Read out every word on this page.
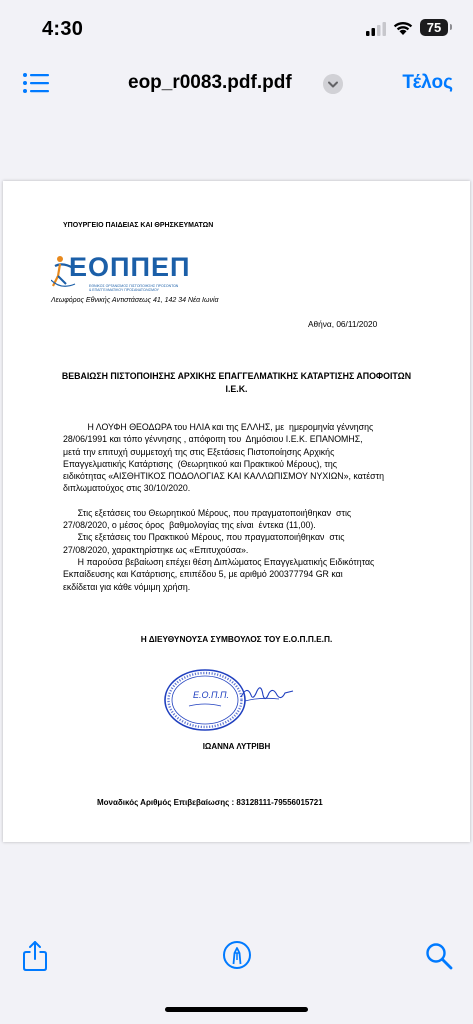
4:30	75
eop_r0083.pdf.pdf	Τέλος
ΥΠΟΥΡΓΕΙΟ ΠΑΙΔΕΙΑΣ ΚΑΙ ΘΡΗΣΚΕΥΜΑΤΩΝ
ΕΟΠΠΕΠ
ΕΘΝΙΚΟΣ ΟΡΓΑΝΙΣΜΟΣ ΠΙΣΤΟΠΟΙΗΣΗΣ ΠΡΟΣΟΝΤΩΝ
& ΕΠΑΓΓΕΛΜΑΤΙΚΟΥ ΠΡΟΣΑΝΑΤΟΛΙΣΜΟΥ
Λεωφόρος Εθνικής Αντιστάσεως 41, 142 34 Νέα Ιωνία
Αθήνα, 06/11/2020
ΒΕΒΑΙΩΣΗ ΠΙΣΤΟΠΟΙΗΣΗΣ ΑΡΧΙΚΗΣ ΕΠΑΓΓΕΛΜΑΤΙΚΗΣ ΚΑΤΑΡΤΙΣΗΣ ΑΠΟΦΟΙΤΩΝ
Ι.Ε.Κ.
Η ΛΟΥΦΗ ΘΕΟΔΩΡΑ του ΗΛΙΑ και της ΕΛΛΗΣ, με  ημερομηνία γέννησης
28/06/1991 και τόπο γέννησης , απόφοιτη του  Δημόσιου Ι.Ε.Κ. ΕΠΑΝΟΜΗΣ,
μετά την επιτυχή συμμετοχή της στις Εξετάσεις Πιστοποίησης Αρχικής
Επαγγελματικής Κατάρτισης  (Θεωρητικού και Πρακτικού Μέρους), της
ειδικότητας «ΑΙΣΘΗΤΙΚΟΣ ΠΟΔΟΛΟΓΙΑΣ ΚΑΙ ΚΑΛΛΩΠΙΣΜΟΥ ΝΥΧΙΩΝ», κατέστη
διπλωματούχος στις 30/10/2020.
Στις εξετάσεις του Θεωρητικού Μέρους, που πραγματοποιήθηκαν  στις
27/08/2020, ο μέσος όρος  βαθμολογίας της είναι  έντεκα (11,00).
Στις εξετάσεις του Πρακτικού Μέρους, που πραγματοποιήθηκαν  στις
27/08/2020, χαρακτηρίστηκε ως «Επιτυχούσα».
Η παρούσα βεβαίωση επέχει θέση Διπλώματος Επαγγελματικής Ειδικότητας
Εκπαίδευσης και Κατάρτισης, επιπέδου 5, με αριθμό 200377794 GR και
εκδίδεται για κάθε νόμιμη χρήση.
Η ΔΙΕΥΘΥΝΟΥΣΑ ΣΥΜΒΟΥΛΟΣ ΤΟΥ Ε.Ο.Π.Π.Ε.Π.
E.O.Π.Π.
ΙΩΑΝΝΑ ΛΥΤΡΙΒΗ
Μοναδικός Αριθμός Επιβεβαίωσης : 83128111-79556015721
